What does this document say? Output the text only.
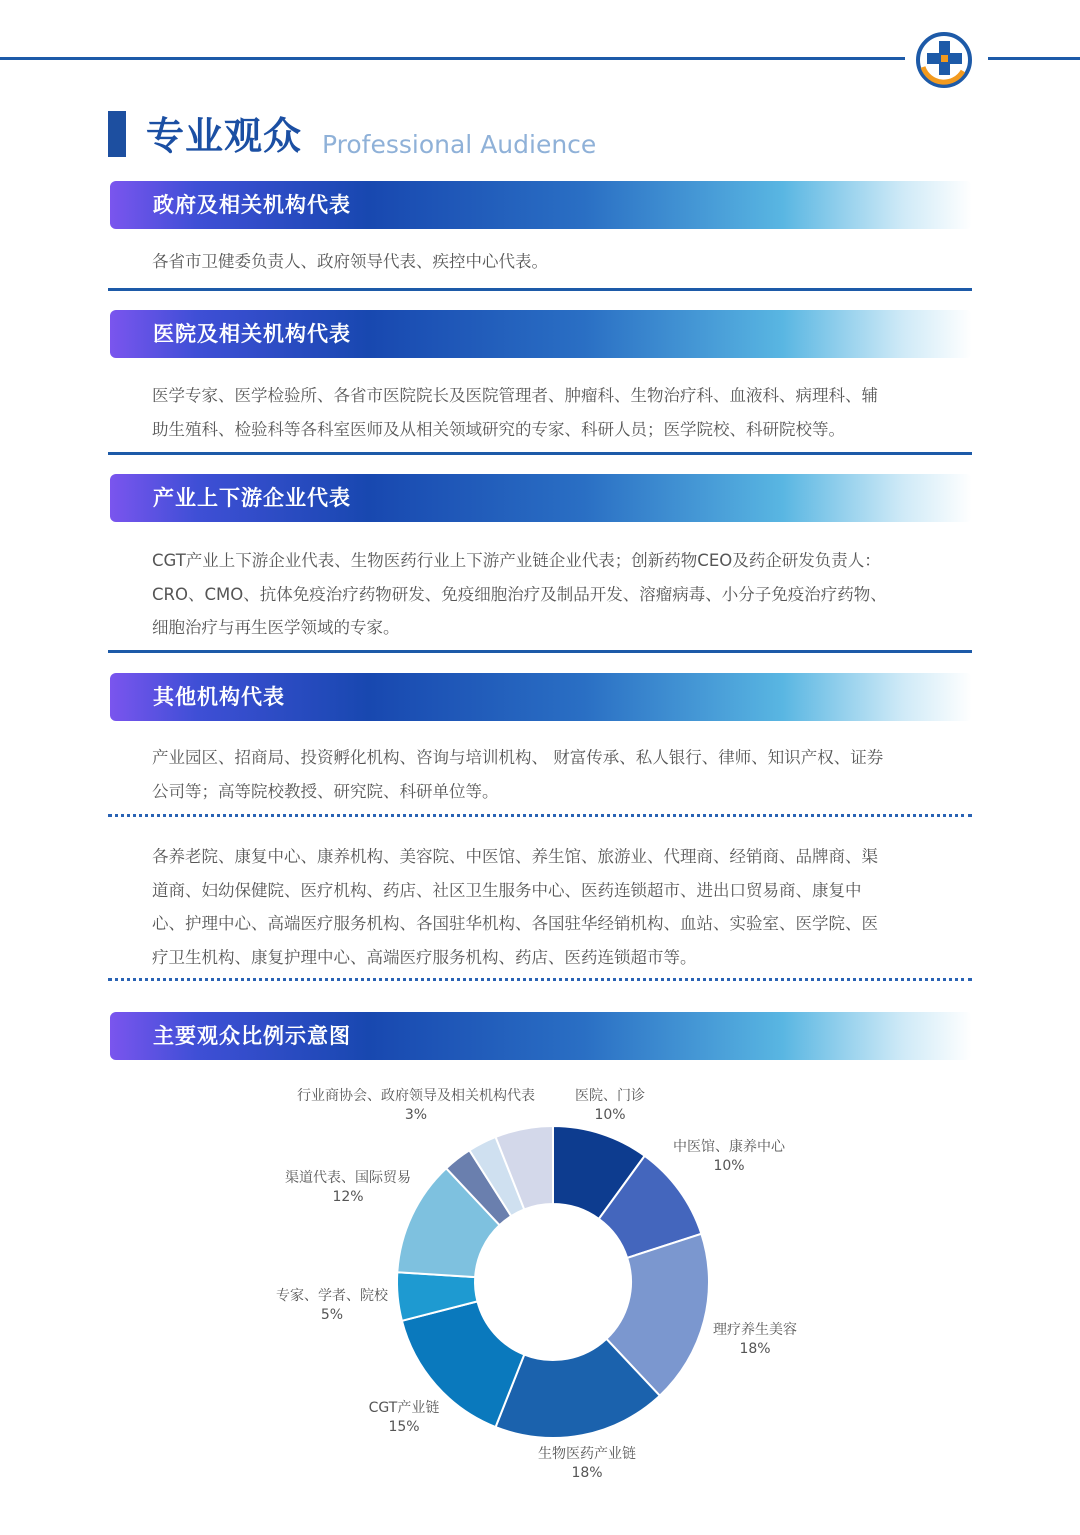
专业观众 Professional Audience
政府及相关机构代表
各省市卫健委负责人、政府领导代表、疾控中心代表。
医院及相关机构代表
医学专家、医学检验所、各省市医院院长及医院管理者、肿瘤科、生物治疗科、血液科、病理科、辅
助生殖科、检验科等各科室医师及从相关领域研究的专家、科研人员；医学院校、科研院校等。
产业上下游企业代表
CGT产业上下游企业代表、生物医药行业上下游产业链企业代表；创新药物CEO及药企研发负责人：
CRO、CMO、抗体免疫治疗药物研发、免疫细胞治疗及制品开发、溶瘤病毒、小分子免疫治疗药物、
细胞治疗与再生医学领域的专家。
其他机构代表
产业园区、招商局、投资孵化机构、咨询与培训机构、 财富传承、私人银行、律师、知识产权、证券
公司等；高等院校教授、研究院、科研单位等。
各养老院、康复中心、康养机构、美容院、中医馆、养生馆、旅游业、代理商、经销商、品牌商、渠
道商、妇幼保健院、医疗机构、药店、社区卫生服务中心、医药连锁超市、进出口贸易商、康复中
心、护理中心、高端医疗服务机构、各国驻华机构、各国驻华经销机构、血站、实验室、医学院、医
疗卫生机构、康复护理中心、高端医疗服务机构、药店、医药连锁超市等。
主要观众比例示意图
行业商协会、政府领导及相关机构代表
3%
医院、门诊
10%
中医馆、康养中心
10%
渠道代表、国际贸易
12%
专家、学者、院校
5%
理疗养生美容
18%
CGT产业链
15%
生物医药产业链
18%
